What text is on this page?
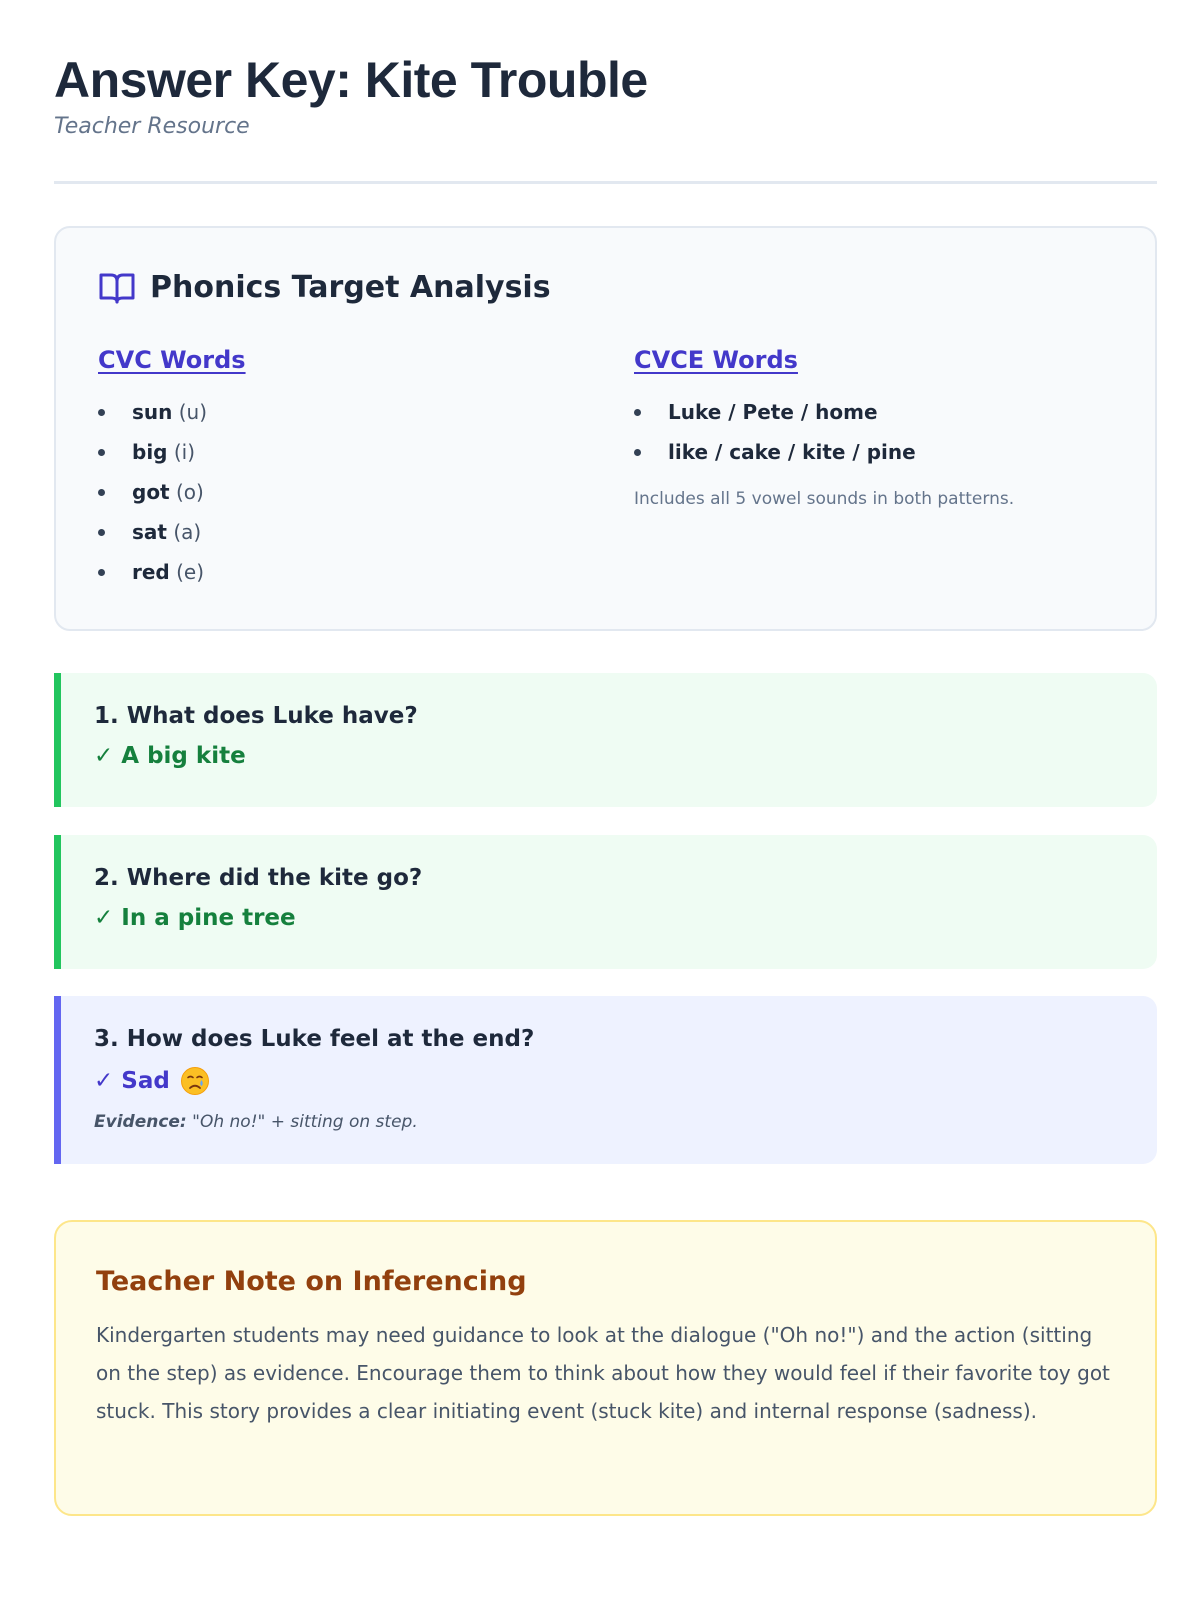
Answer Key: Kite Trouble
Teacher Resource
Phonics Target Analysis
CVC Words
sun (u)
big (i)
got (o)
sat (a)
red (e)
CVCE Words
Luke / Pete / home
like / cake / kite / pine

Includes all 5 vowel sounds in both patterns.

1. What does Luke have?
✓ A big kite
2. Where did the kite go?
✓ In a pine tree
3. How does Luke feel at the end?
✓ Sad
Evidence: "Oh no!" + sitting on step.
Teacher Note on Inferencing

Kindergarten students may need guidance to look at the dialogue ("Oh no!") and the action (sitting on the step) as evidence. Encourage them to think about how they would feel if their favorite toy got stuck. This story provides a clear initiating event (stuck kite) and internal response (sadness).
